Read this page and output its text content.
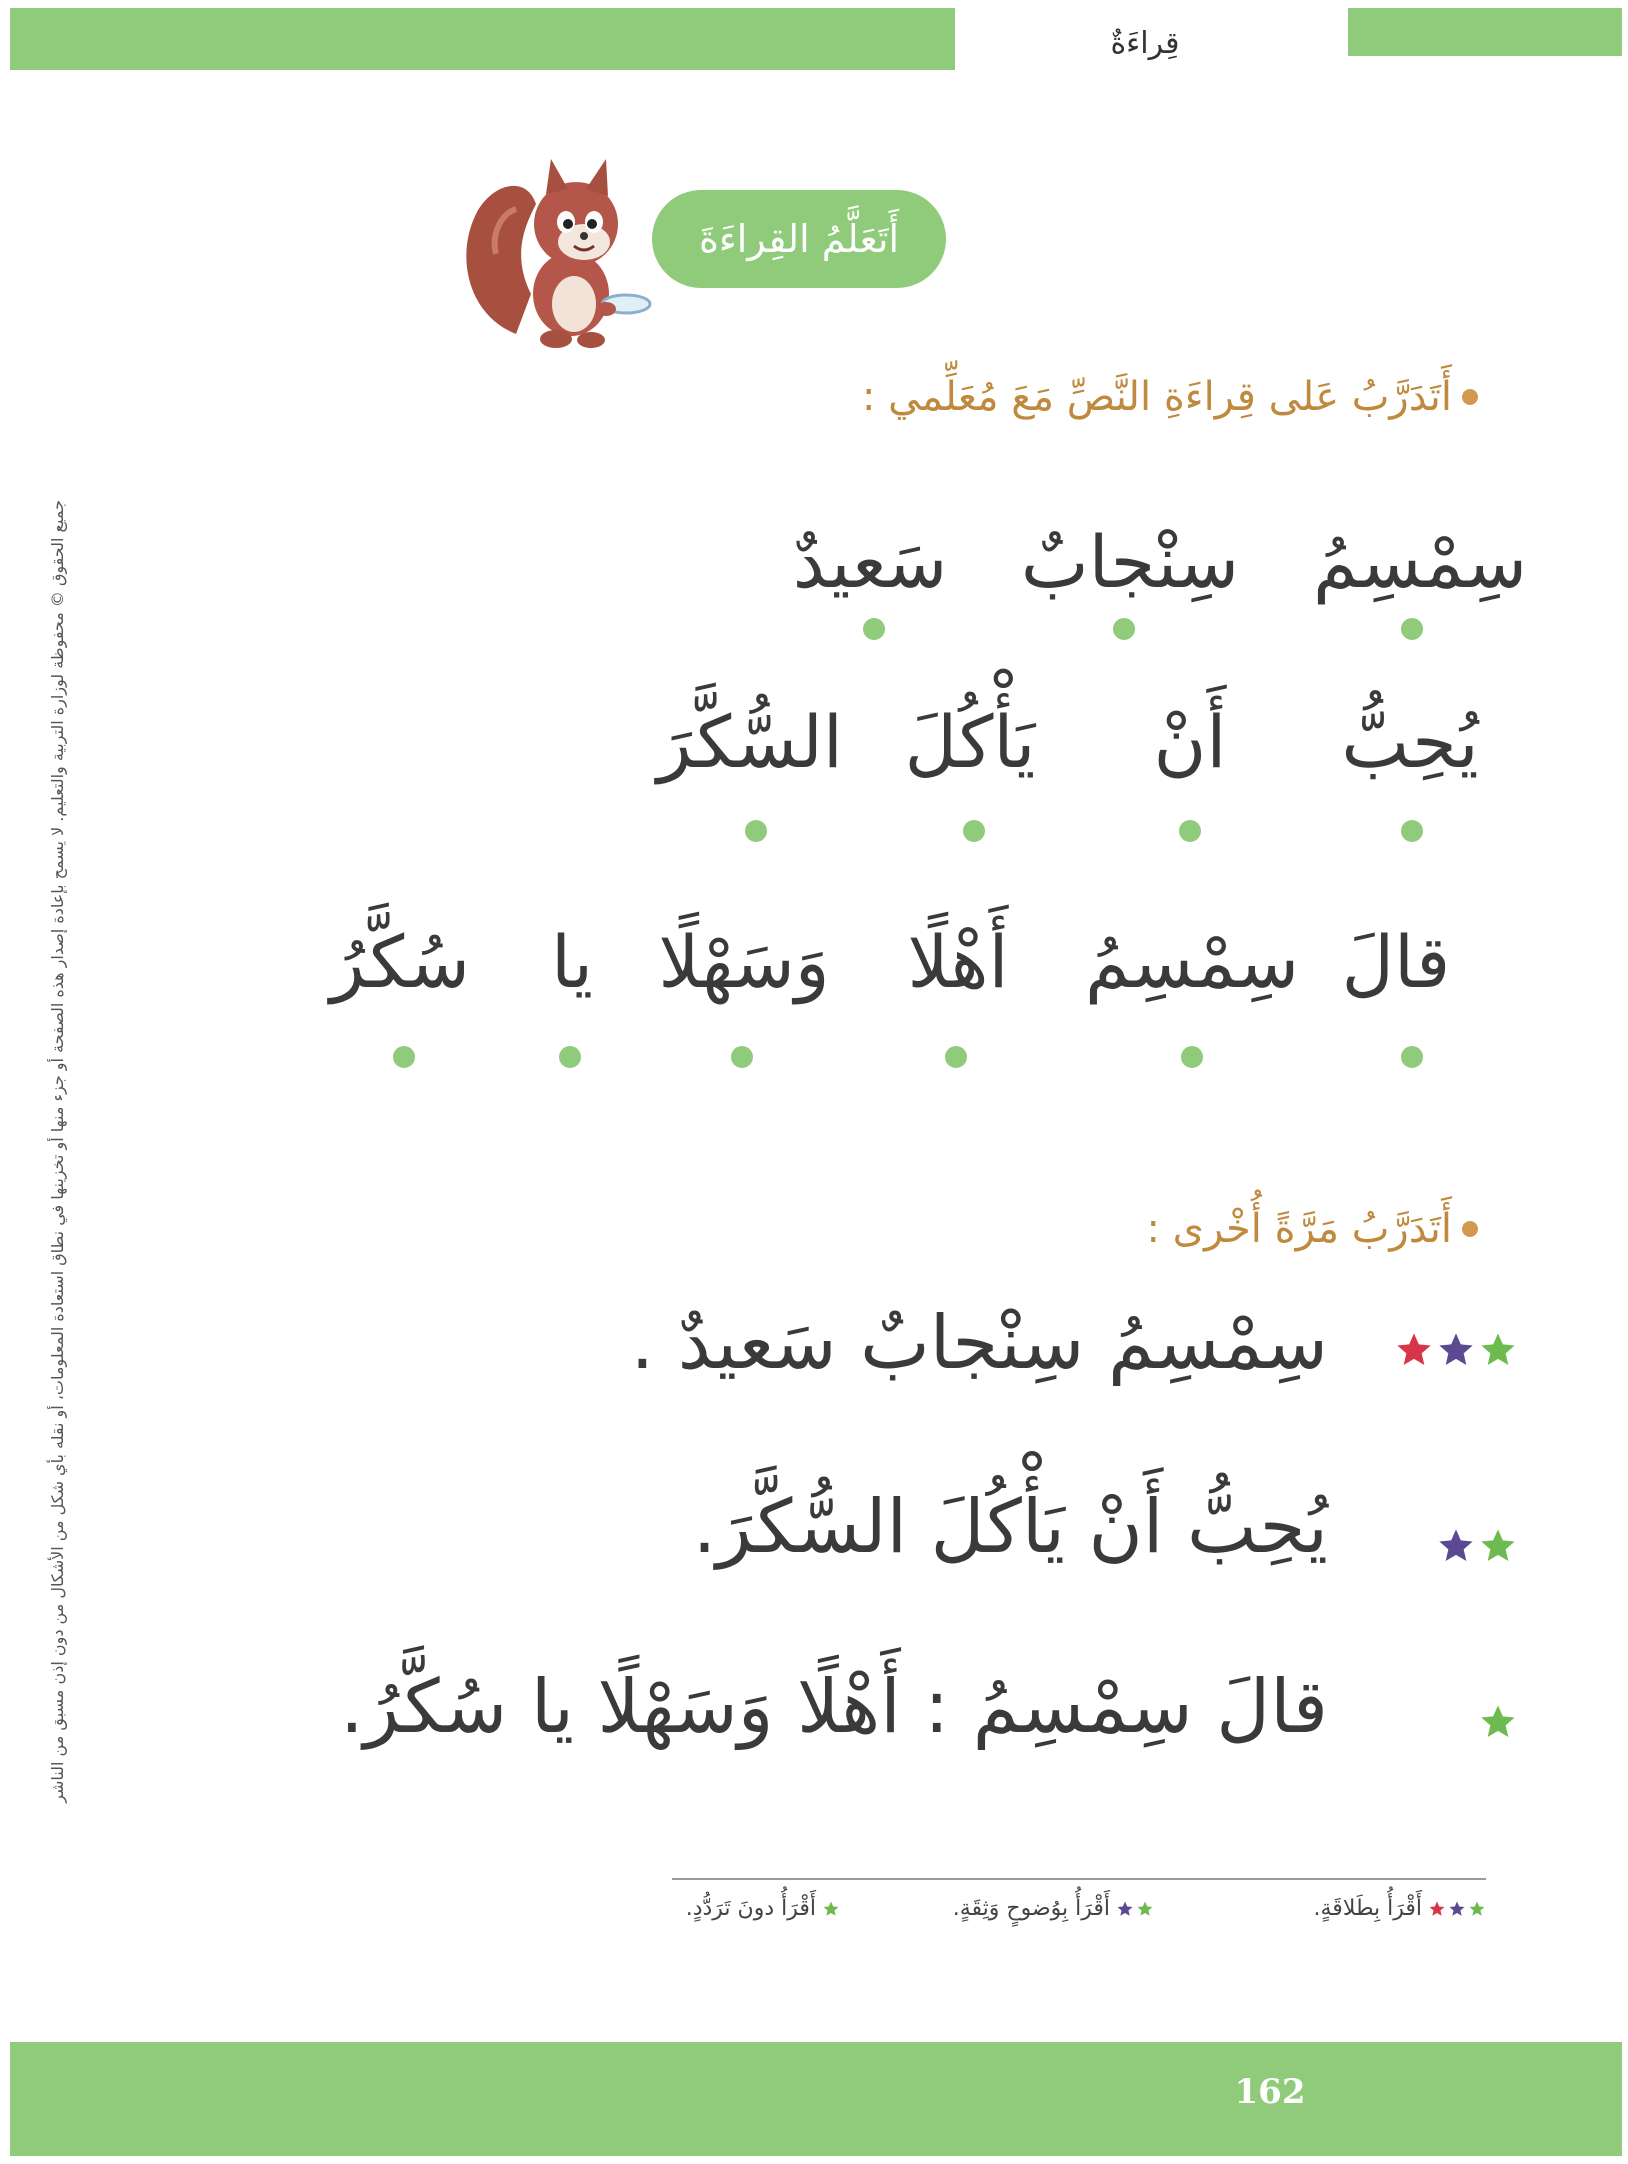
قِراءَةٌ
جميع الحقوق © محفوظة لوزارة التربية والتعليم. لا يسمح بإعادة إصدار هذه الصفحة أو جزء منها أو تخزينها في نطاق استعادة المعلومات، أو نقله بأي شكل من الأشكال من دون إذن مسبق من الناشر
أَتَعَلَّمُ القِراءَةَ
أَتَدَرَّبُ عَلى قِراءَةِ النَّصِّ مَعَ مُعَلِّمي :
سِمْسِمُ
سِنْجابٌ
سَعيدٌ
يُحِبُّ
أَنْ
يَأْكُلَ
السُّكَّرَ
قالَ
سِمْسِمُ
أَهْلًا
وَسَهْلًا
يا
سُكَّرُ
أَتَدَرَّبُ مَرَّةً أُخْرى :
سِمْسِمُ سِنْجابٌ سَعيدٌ .
يُحِبُّ أَنْ يَأْكُلَ السُّكَّرَ.
قالَ سِمْسِمُ : أَهْلًا وَسَهْلًا يا سُكَّرُ.
أَقْرَأُ بِطَلاقَةٍ.
أَقْرَأُ بِوُضوحٍ وَثِقَةٍ.
أَقْرَأُ دونَ تَرَدُّدٍ.
162
